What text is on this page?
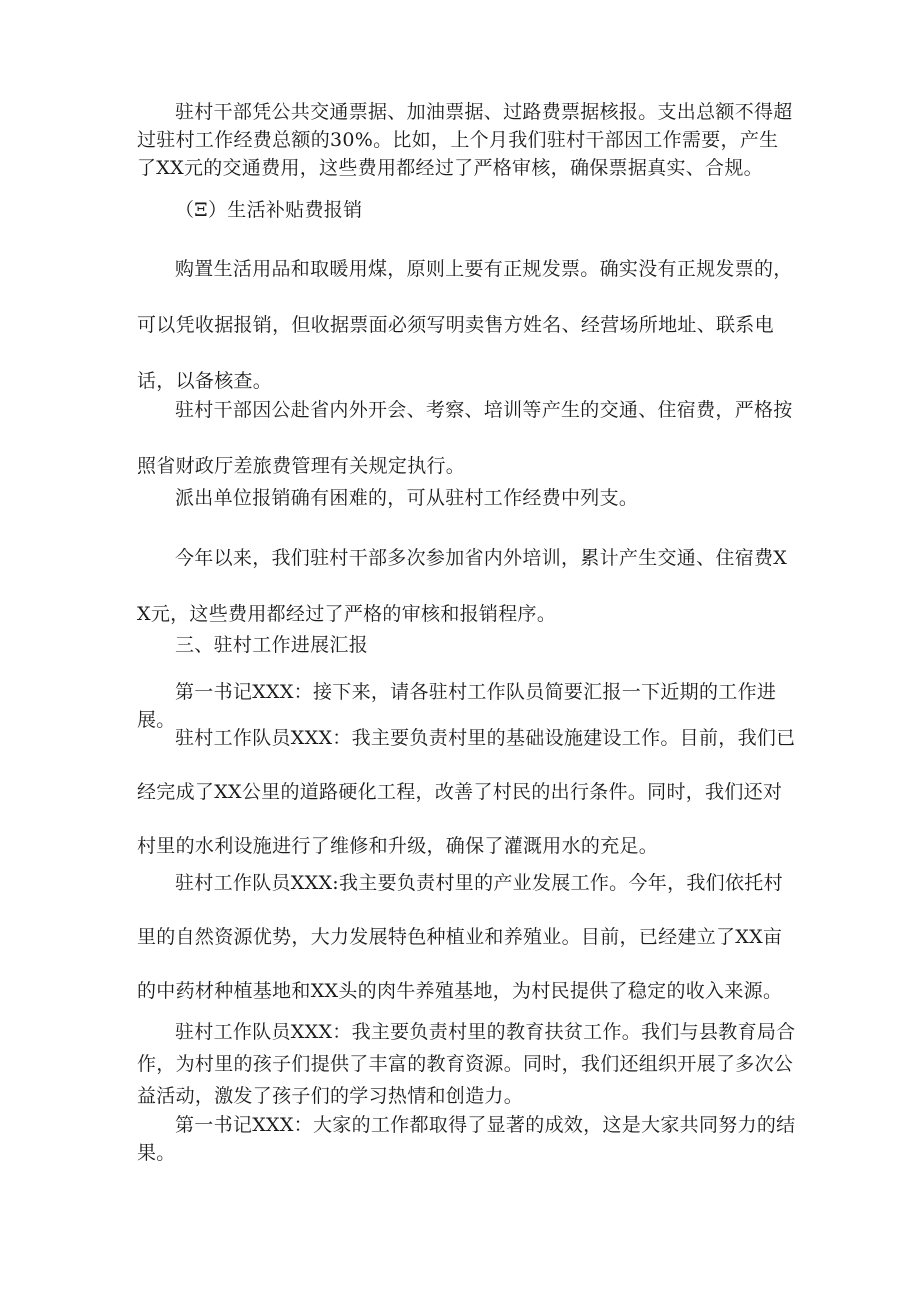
驻村干部凭公共交通票据、加油票据、过路费票据核报。支出总额不得超过驻村工作经费总额的30%。比如，上个月我们驻村干部因工作需要，产生了XX元的交通费用，这些费用都经过了严格审核，确保票据真实、合规。

（Ξ）生活补贴费报销

购置生活用品和取暖用煤，原则上要有正规发票。确实没有正规发票的，可以凭收据报销，但收据票面必须写明卖售方姓名、经营场所地址、联系电话，以备核查。

驻村干部因公赴省内外开会、考察、培训等产生的交通、住宿费，严格按照省财政厅差旅费管理有关规定执行。

派出单位报销确有困难的，可从驻村工作经费中列支。

今年以来，我们驻村干部多次参加省内外培训，累计产生交通、住宿费XX元，这些费用都经过了严格的审核和报销程序。

三、驻村工作进展汇报

第一书记XXX：接下来，请各驻村工作队员简要汇报一下近期的工作进展。

驻村工作队员XXX：我主要负责村里的基础设施建设工作。目前，我们已经完成了XX公里的道路硬化工程，改善了村民的出行条件。同时，我们还对村里的水利设施进行了维修和升级，确保了灌溉用水的充足。

驻村工作队员XXX:我主要负责村里的产业发展工作。今年，我们依托村里的自然资源优势，大力发展特色种植业和养殖业。目前，已经建立了XX亩的中药材种植基地和XX头的肉牛养殖基地，为村民提供了稳定的收入来源。

驻村工作队员XXX：我主要负责村里的教育扶贫工作。我们与县教育局合作，为村里的孩子们提供了丰富的教育资源。同时，我们还组织开展了多次公益活动，激发了孩子们的学习热情和创造力。

第一书记XXX：大家的工作都取得了显著的成效，这是大家共同努力的结果。
